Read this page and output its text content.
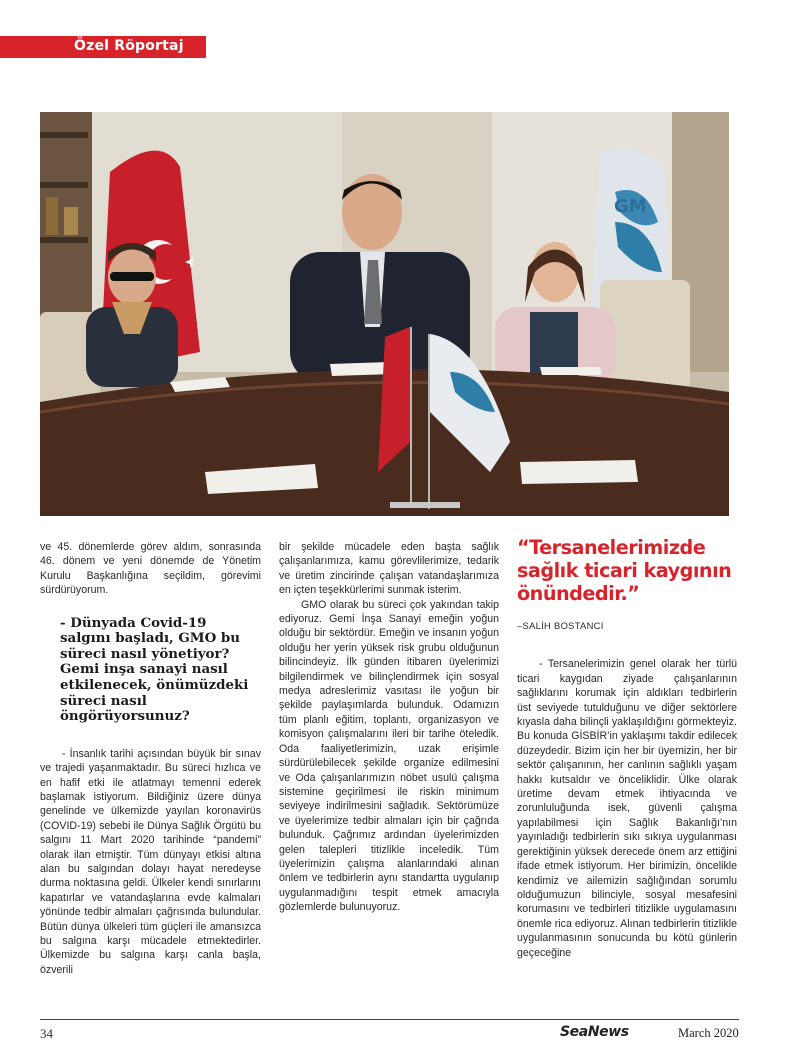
Özel Röportaj
GM

ve 45. dönemlerde görev aldım, sonrasında 46. dönem ve yeni dönemde de Yönetim Kurulu Başkanlığına seçildim, görevimi sürdürüyorum.

- Dünyada Covid-19 salgını başladı, GMO bu süreci nasıl yönetiyor? Gemi inşa sanayi nasıl etkilenecek, önümüzdeki süreci nasıl öngörüyorsunuz?

- İnsanlık tarihi açısından büyük bir sınav ve trajedi yaşanmaktadır. Bu süreci hızlıca ve en hafif etki ile atlatmayı temenni ederek başlamak istiyorum. Bildiğiniz üzere dünya genelinde ve ülkemizde yayılan koronavirüs (COVID-19) sebebi ile Dünya Sağlık Örgütü bu salgını 11 Mart 2020 tarihinde “pandemi” olarak ilan etmiştir. Tüm dünyayı etkisi altına alan bu salgından dolayı hayat neredeyse durma noktasına geldi. Ülkeler kendi sınırlarını kapatırlar ve vatandaşlarına evde kalmaları yönünde tedbir almaları çağrısında bulundular. Bütün dünya ülkeleri tüm güçleri ile amansızca bu salgına karşı mücadele etmektedirler. Ülkemizde bu salgına karşı canla başla, özverili

bir şekilde mücadele eden başta sağlık çalışanlarımıza, kamu görevlilerimize, tedarik ve üretim zincirinde çalışan vatandaşlarımıza en içten teşekkürlerimi sunmak isterim.

GMO olarak bu süreci çok yakından takip ediyoruz. Gemi İnşa Sanayi emeğin yoğun olduğu bir sektördür. Emeğin ve insanın yoğun olduğu her yerin yüksek risk grubu olduğunun bilincindeyiz. İlk günden itibaren üyelerimizi bilgilendirmek ve bilinçlendirmek için sosyal medya adreslerimiz vasıtası ile yoğun bir şekilde paylaşımlarda bulunduk. Odamızın tüm planlı eğitim, toplantı, organizasyon ve komisyon çalışmalarını ileri bir tarihe öteledik. Oda faaliyetlerimizin, uzak erişimle sürdürülebilecek şekilde organize edilmesini ve Oda çalışanlarımızın nöbet usulü çalışma sistemine geçirilmesi ile riskin minimum seviyeye indirilmesini sağladık. Sektörümüze ve üyelerimize tedbir almaları için bir çağrıda bulunduk. Çağrımız ardından üyelerimizden gelen talepleri titizlikle inceledik. Tüm üyelerimizin çalışma alanlarındaki alınan önlem ve tedbirlerin aynı standartta uygulanıp uygulanmadığını tespit etmek amacıyla gözlemlerde bulunuyoruz.

“Tersanelerimizde sağlık ticari kaygının önündedir.”

–SALİH BOSTANCI

- Tersanelerimizin genel olarak her türlü ticari kaygıdan ziyade çalışanlarının sağlıklarını korumak için aldıkları tedbirlerin üst seviyede tutulduğunu ve diğer sektörlere kıyasla daha bilinçli yaklaşıldığını görmekteyiz. Bu konuda GİSBİR’in yaklaşımı takdir edilecek düzeydedir. Bizim için her bir üyemizin, her bir sektör çalışanının, her canlının sağlıklı yaşam hakkı kutsaldır ve önceliklidir. Ülke olarak üretime devam etmek ihtiyacında ve zorunluluğunda isek, güvenli çalışma yapılabilmesi için Sağlık Bakanlığı’nın yayınladığı tedbirlerin sıkı sıkıya uygulanması gerektiğinin yüksek derecede önem arz ettiğini ifade etmek istiyorum. Her birimizin, öncelikle kendimiz ve ailemizin sağlığından sorumlu olduğumuzun bilinciyle, sosyal mesafesini korumasını ve tedbirleri titizlikle uygulamasını önemle rica ediyoruz. Alınan tedbirlerin titizlikle uygulanmasının sonucunda bu kötü günlerin geçeceğine

34	SeaNews	March 2020
